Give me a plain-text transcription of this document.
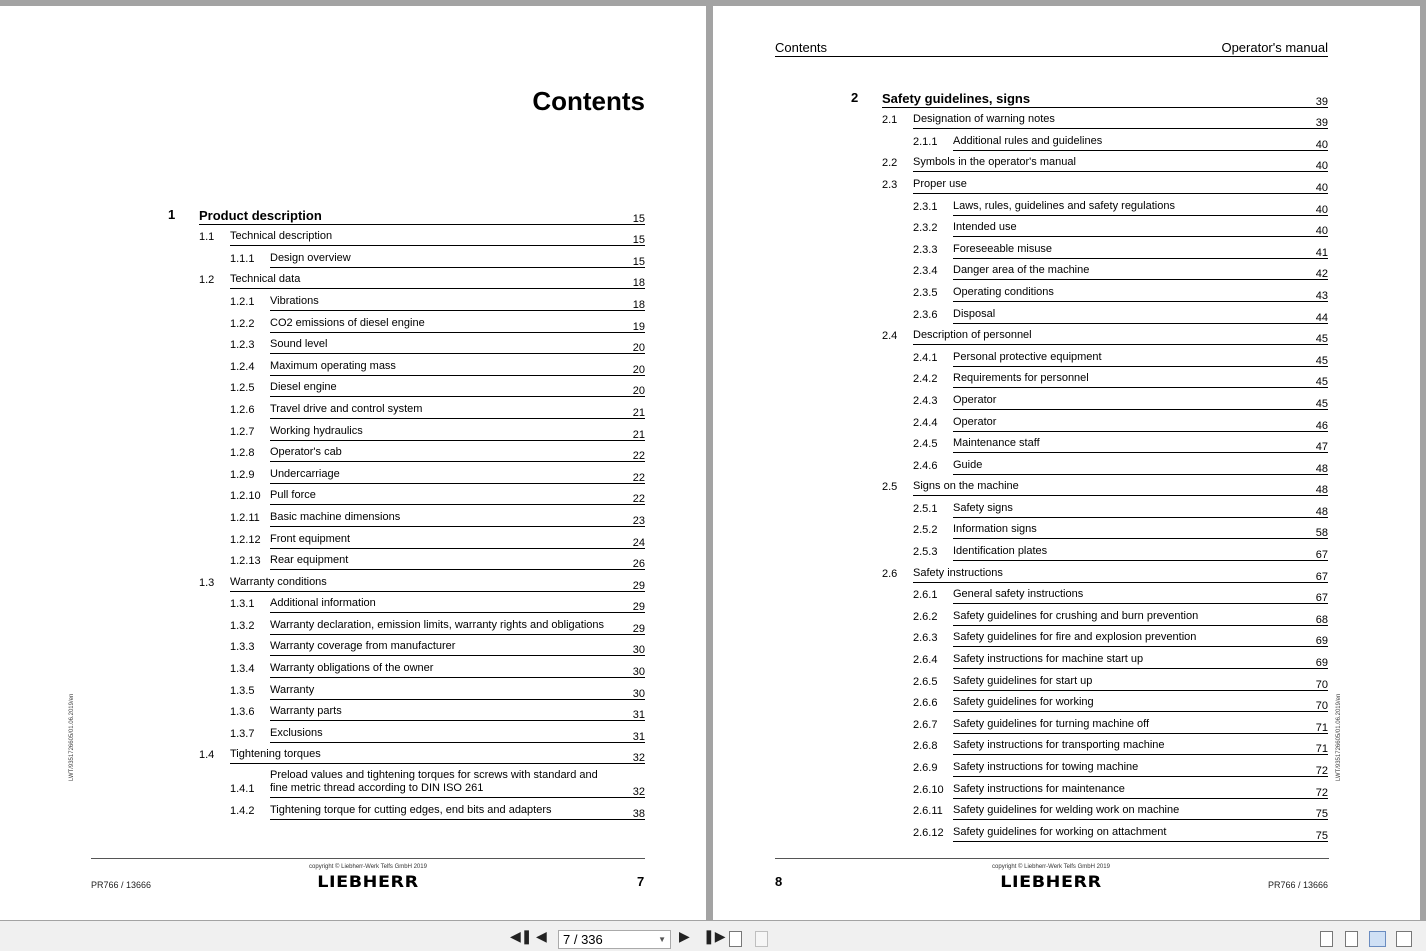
Contents
1	Product description	15
1.1	Technical description	15
1.1.1	Design overview	15
1.2	Technical data	18
1.2.1	Vibrations	18
1.2.2	CO2 emissions of diesel engine	19
1.2.3	Sound level	20
1.2.4	Maximum operating mass	20
1.2.5	Diesel engine	20
1.2.6	Travel drive and control system	21
1.2.7	Working hydraulics	21
1.2.8	Operator's cab	22
1.2.9	Undercarriage	22
1.2.10 Pull force	22
1.2.11 Basic machine dimensions	23
1.2.12 Front equipment	24
1.2.13 Rear equipment	26
1.3	Warranty conditions	29
1.3.1	Additional information	29
1.3.2	Warranty declaration, emission limits, warranty rights and obligations	29
1.3.3	Warranty coverage from manufacturer	30
1.3.4	Warranty obligations of the owner	30
1.3.5	Warranty	30
1.3.6	Warranty parts	31
1.3.7	Exclusions	31
1.4	Tightening torques	32
1.4.1
Preload values and tightening torques for screws with standard and fine metric thread according to DIN ISO 261	32
1.4.2	Tightening torque for cutting edges, end bits and adapters	38
LWT/9351726605/01.06.2019/en
PR766 / 13666
copyright © Liebherr-Werk Telfs GmbH 2019
LIEBHERR	7
Contents	Operator's manual
2	Safety guidelines, signs	39
2.1	Designation of warning notes	39
2.1.1	Additional rules and guidelines	40
2.2	Symbols in the operator's manual	40
2.3	Proper use	40
2.3.1	Laws, rules, guidelines and safety regulations	40
2.3.2	Intended use	40
2.3.3	Foreseeable misuse	41
2.3.4	Danger area of the machine	42
2.3.5	Operating conditions	43
2.3.6	Disposal	44
2.4	Description of personnel	45
2.4.1	Personal protective equipment	45
2.4.2	Requirements for personnel	45
2.4.3	Operator	45
2.4.4	Operator	46
2.4.5	Maintenance staff	47
2.4.6	Guide	48
2.5	Signs on the machine	48
2.5.1	Safety signs	48
2.5.2	Information signs	58
2.5.3	Identification plates	67
2.6	Safety instructions	67
2.6.1	General safety instructions	67
2.6.2	Safety guidelines for crushing and burn prevention	68
2.6.3	Safety guidelines for fire and explosion prevention	69
2.6.4	Safety instructions for machine start up	69
2.6.5	Safety guidelines for start up	70
2.6.6	Safety guidelines for working	70
2.6.7	Safety guidelines for turning machine off	71
2.6.8	Safety instructions for transporting machine	71
2.6.9	Safety instructions for towing machine	72
2.6.10 Safety instructions for maintenance	72
2.6.11 Safety guidelines for welding work on machine	75
2.6.12 Safety guidelines for working on attachment	75
LWT/9351726605/01.06.2019/en
8
copyright © Liebherr-Werk Telfs GmbH 2019
LIEBHERR	PR766 / 13666
◀❚ ◀	7 / 336	▼ ▶ ❚▶
